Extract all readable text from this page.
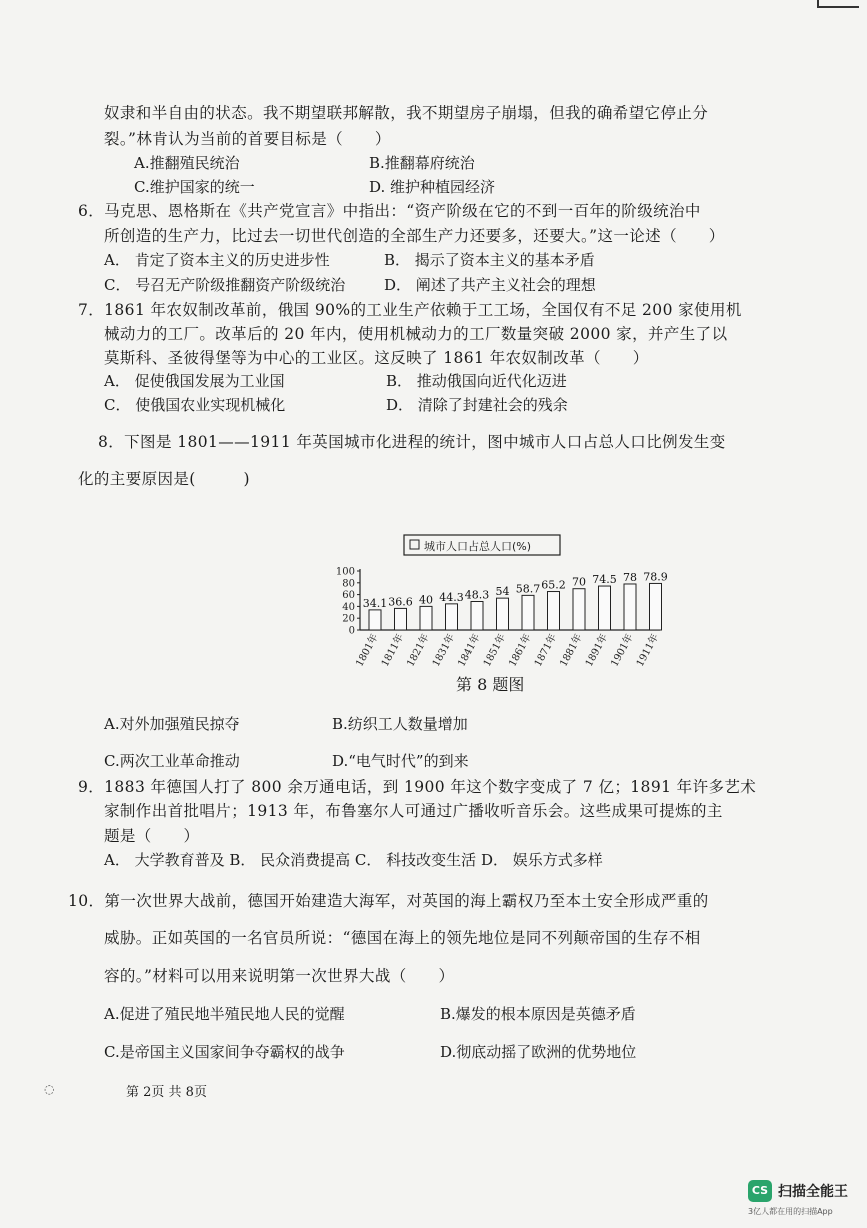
奴隶和半自由的状态。我不期望联邦解散，我不期望房子崩塌，但我的确希望它停止分
裂。”林肯认为当前的首要目标是（　　）
A.推翻殖民统治	B.推翻幕府统治
C.维护国家的统一	D. 维护种植园经济
6．马克思、恩格斯在《共产党宣言》中指出：“资产阶级在它的不到一百年的阶级统治中
所创造的生产力，比过去一切世代创造的全部生产力还要多，还要大。”这一论述（　　）
A． 肯定了资本主义的历史进步性	B． 揭示了资本主义的基本矛盾
C． 号召无产阶级推翻资产阶级统治	D． 阐述了共产主义社会的理想
7．1861 年农奴制改革前，俄国 90%的工业生产依赖于工工场，全国仅有不足 200 家使用机
械动力的工厂。改革后的 20 年内，使用机械动力的工厂数量突破 2000 家，并产生了以
莫斯科、圣彼得堡等为中心的工业区。这反映了 1861 年农奴制改革（　　）
A． 促使俄国发展为工业国	B． 推动俄国向近代化迈进
C． 使俄国农业实现机械化	D． 清除了封建社会的残余
8．下图是 1801——1911 年英国城市化进程的统计，图中城市人口占总人口比例发生变
化的主要原因是(　　　)
城市人口占总人口(%)
100
80
60
40
20
0
34.1
1801年
36.6
1811年
40
1821年
44.3
1831年
48.3
1841年
54
1851年
58.7
1861年
65.2
1871年
70
1881年
74.5
1891年
78
1901年
78.9
1911年
第 8 题图
A.对外加强殖民掠夺	B.纺织工人数量增加
C.两次工业革命推动	D.“电气时代”的到来
9．1883 年德国人打了 800 余万通电话，到 1900 年这个数字变成了 7 亿；1891 年许多艺术
家制作出首批唱片；1913 年，布鲁塞尔人可通过广播收听音乐会。这些成果可提炼的主
题是（　　）
A． 大学教育普及 B． 民众消费提高 C． 科技改变生活 D． 娱乐方式多样
10．第一次世界大战前，德国开始建造大海军，对英国的海上霸权乃至本土安全形成严重的
威胁。正如英国的一名官员所说：“德国在海上的领先地位是同不列颠帝国的生存不相
容的。”材料可以用来说明第一次世界大战（　　）
A.促进了殖民地半殖民地人民的觉醒	B.爆发的根本原因是英德矛盾
C.是帝国主义国家间争夺霸权的战争	D.彻底动摇了欧洲的优势地位
◌	第 2页 共 8页
CS 扫描全能王
3亿人都在用的扫描App
